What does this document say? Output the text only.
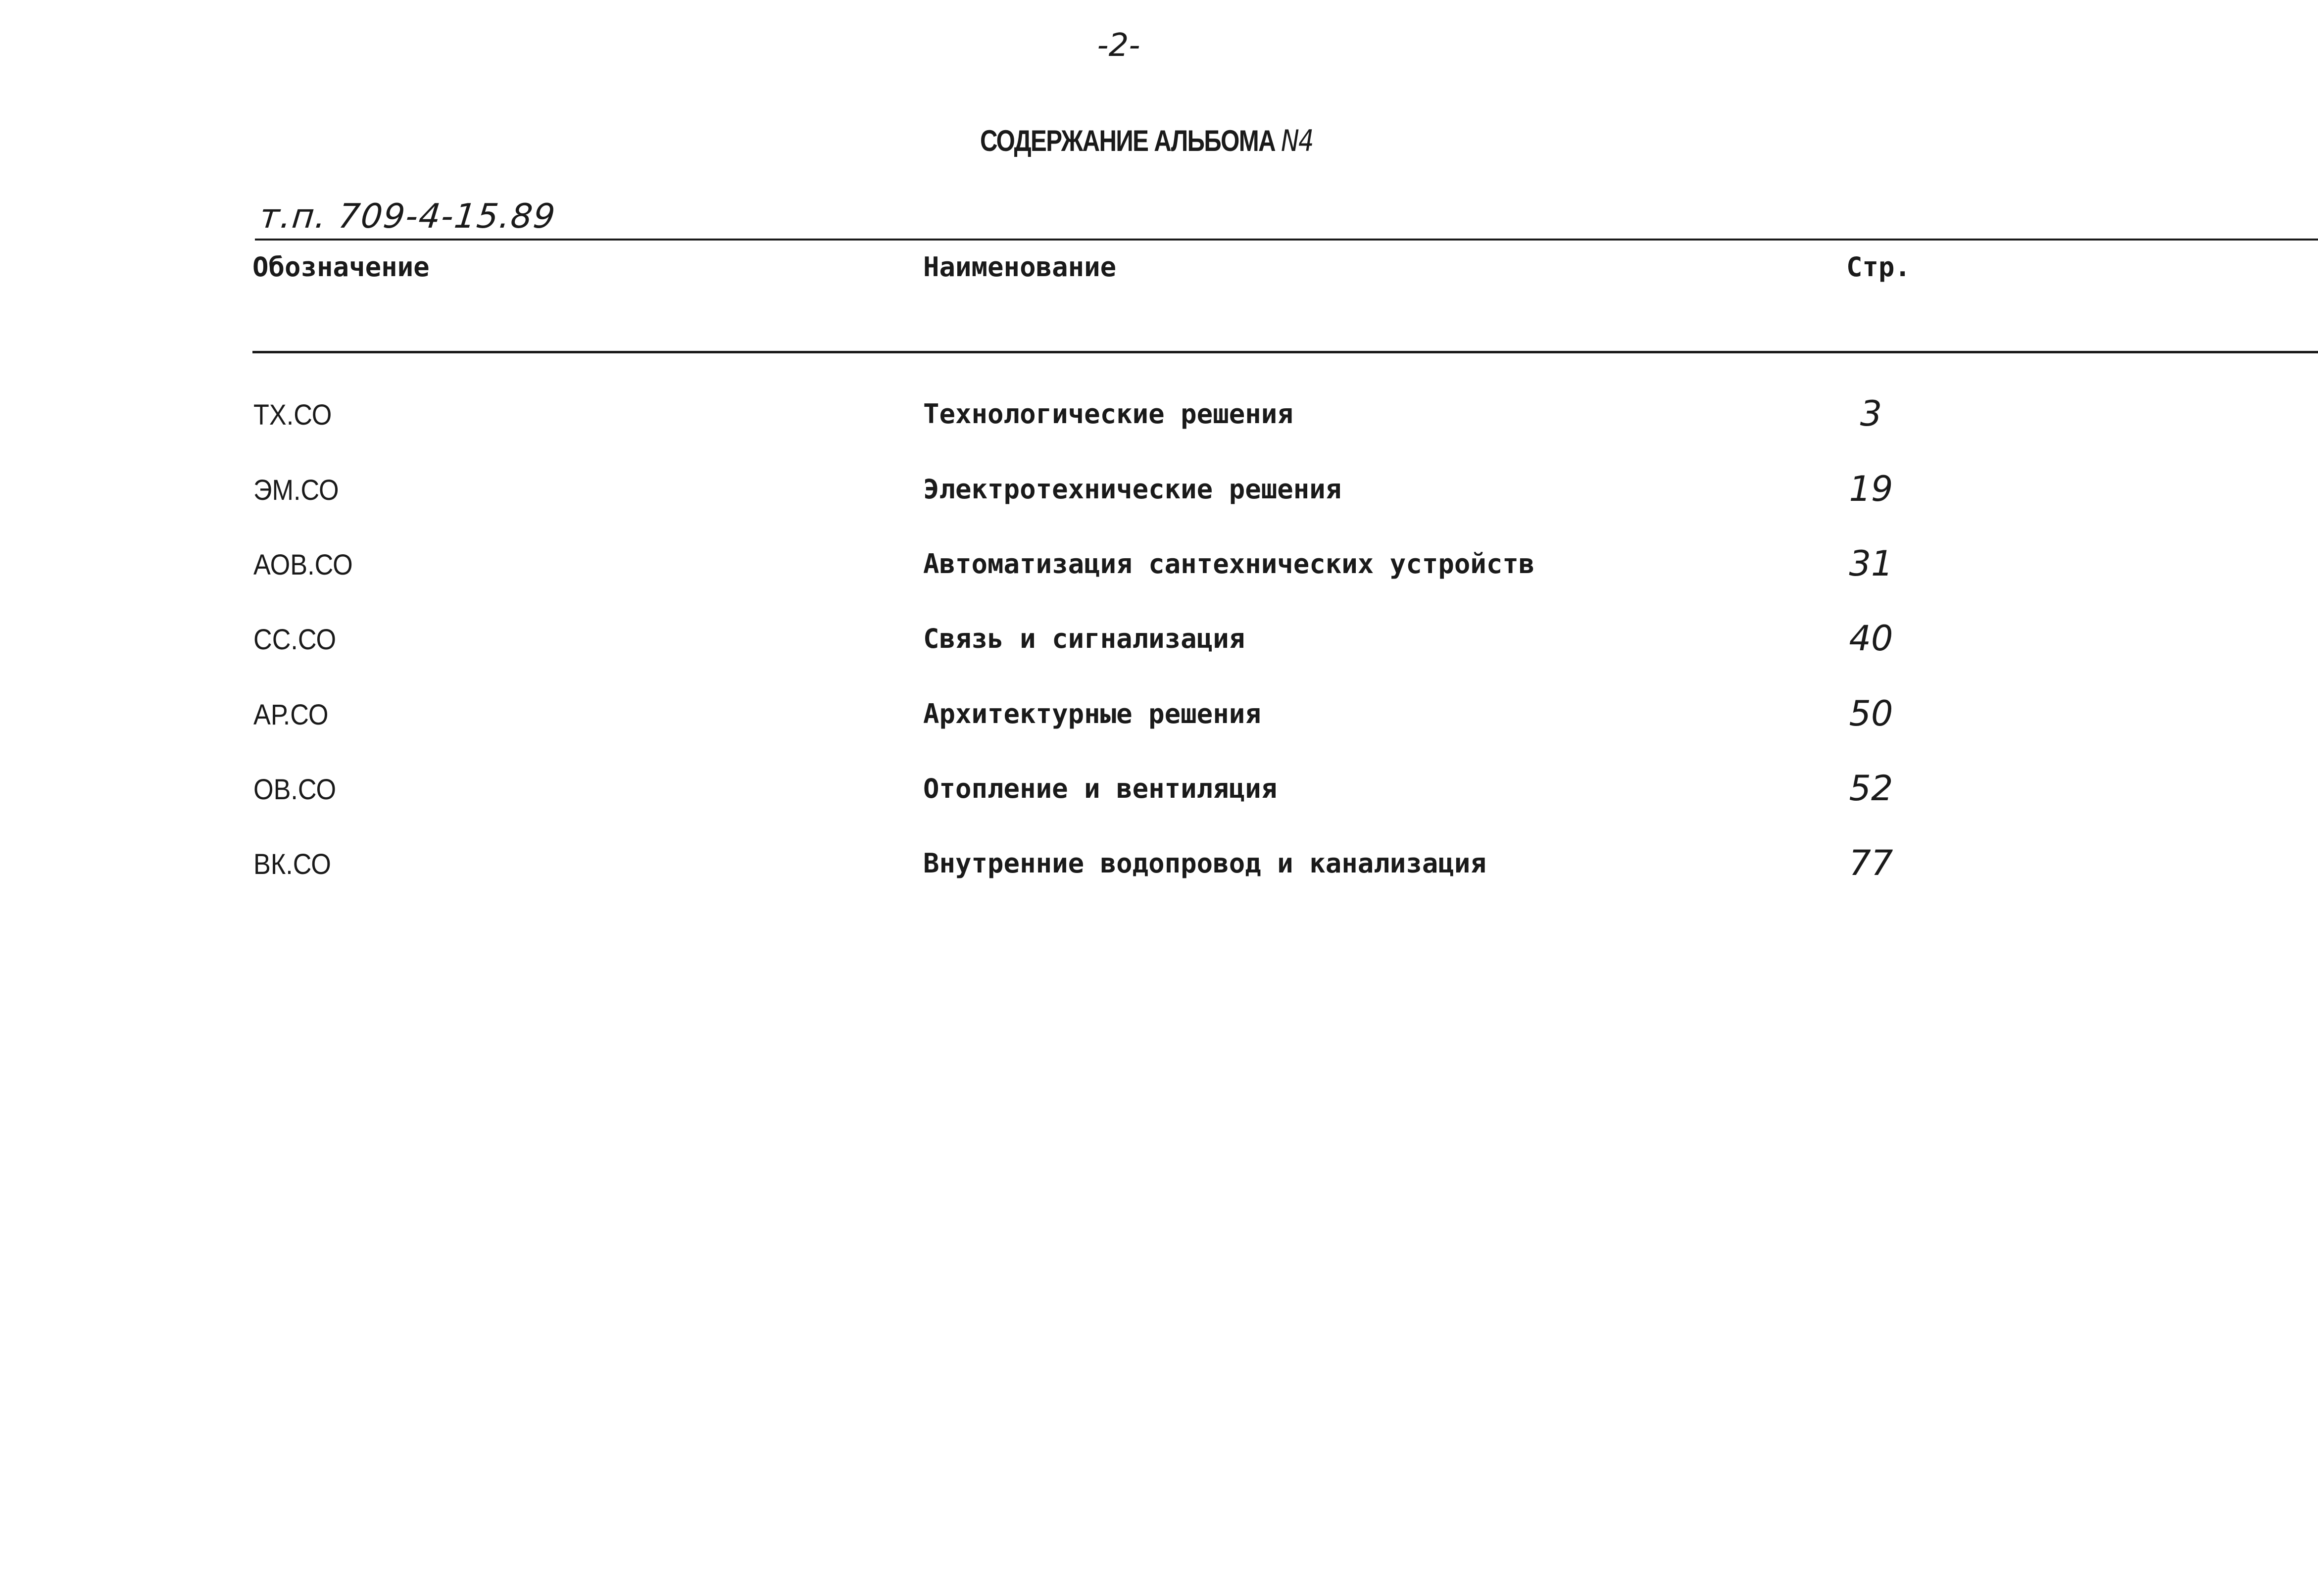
-2-
СОДЕРЖАНИЕ АЛЬБОМА N4
т.п. 709-4-15.89
Обозначение	Наименование	Стр.
ТХ.СО	Технологические решения	3
ЭМ.СО	Электротехнические решения	19
АОВ.СО	Автоматизация сантехнических устройств	31
СС.СО	Связь и сигнализация	40
АР.СО	Архитектурные решения	50
ОВ.СО	Отопление и вентиляция	52
ВК.СО	Внутренние водопровод и канализация	77
